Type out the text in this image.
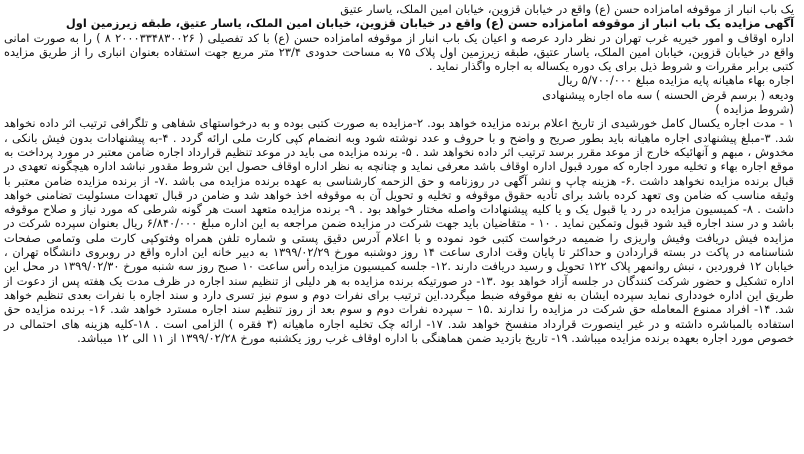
یک باب انبار از موقوفه امامزاده حسن (ع) واقع در خیابان قزوین، خیابان امین الملک، یاسار عتیق

آگهی مزایده یک باب انبار از موقوفه امامزاده حسن (ع) واقع در خیابان قزوین، خیابان امین الملک، یاسار عتیق، طبقه زیرزمین اول

اداره اوقاف و امور خیریه غرب تهران در نظر دارد عرصه و اعیان یک باب انبار از موقوفه امامزاده حسن (ع) با کد تفصیلی ( ۲۰۰۰۳۳۴۸۳۰۰۲۶ ۸ ) را به صورت امانی واقع در خیابان قزوین، خیابان امین الملک، یاسار عتیق، طبقه زیرزمین اول پلاک ۷۵ به مساحت حدودی ۲۳/۴ متر مربع جهت استفاده بعنوان انباری را از طریق مزایده کتبی برابر مقررات و شروط ذیل برای یک دوره یکساله به اجاره واگذار نماید .

اجاره بهاء ماهیانه پایه مزایده مبلغ ۵/۷۰۰/۰۰۰ ریال

ودیعه ( برسم قرض الحسنه ) سه ماه اجاره پیشنهادی

(شروط مزایده )

۱ - مدت اجاره یکسال کامل خورشیدی از تاریخ اعلام برنده مزایده خواهد بود. ۲-مزایده به صورت کتبی بوده و به درخواستهای شفاهی و تلگرافی ترتیب اثر داده نخواهد شد. ۳-مبلغ پیشنهادی اجاره ماهیانه باید بطور صریح و واضح و با حروف و عدد نوشته شود وبه انضمام کپی کارت ملی ارائه گردد . ۴-به پیشنهادات بدون فیش بانکی ، مخدوش ، مبهم و آنهائیکه خارج از موعد مقرر برسد ترتیب اثر داده نخواهد شد . ۵- برنده مزایده می باید در موعد تنظیم قرارداد اجاره ضامن معتبر در مورد پرداخت به موقع اجاره بهاء و تخلیه مورد اجاره که مورد قبول اداره اوقاف باشد معرفی نماید و چنانچه به نظر اداره اوقاف حصول این شروط مقدور نباشد اداره هیچگونه تعهدی در قبال برنده مزایده نخواهد داشت .۶- هزینه چاپ و نشر آگهی در روزنامه و حق الزحمه کارشناسی به عهده برنده مزایده می باشد .۷- از برنده مزایده ضامن معتبر با وثیقه مناسب که ضامن وی تعهد کرده باشد برای تأدیه حقوق موقوفه و تخلیه و تحویل آن به موقوفه اخذ خواهد شد و ضامن در قبال تعهدات مسئولیت تضامنی خواهد داشت . ۸- کمیسیون مزایده در رد یا قبول یک و یا کلیه پیشنهادات واصله مختار خواهد بود . ۹- برنده مزایده متعهد است هر گونه شرطی که مورد نیاز و صلاح موقوفه باشد و در سند اجاره قید شود قبول وتمکین نماید . ۱۰ - متقاضیان باید جهت شرکت در مزایده ضمن مراجعه به این اداره مبلغ ۶/۸۴۰/۰۰۰ ریال بعنوان سپرده شرکت در مزایده فیش دریافت وفیش واریزی را ضمیمه درخواست کتبی خود نموده و با اعلام آدرس دقیق پستی و شماره تلفن همراه وفتوکپی کارت ملی وتمامی صفحات شناسنامه در پاکت در بسته قراردادن و حداکثر تا پایان وقت اداری ساعت ۱۴ روز دوشنبه مورخ ۱۳۹۹/۰۲/۲۹ به دبیر خانه این اداره واقع در روبروی دانشگاه تهران ، خیابان ۱۲ فروردین ، نبش روانمهر پلاک ۱۲۲ تحویل و رسید دریافت دارند .۱۲- جلسه کمیسیون مزایده رأس ساعت ۱۰ صبح روز سه شنبه مورخ ۱۳۹۹/۰۲/۳۰ در محل این اداره تشکیل و حضور شرکت کنندگان در جلسه آزاد خواهد بود .۱۳- در صورتیکه برنده مزایده به هر دلیلی از تنظیم سند اجاره در ظرف مدت یک هفته پس از دعوت از طریق این اداره خودداری نماید سپرده ایشان به نفع موقوفه ضبط میگردد.این ترتیب برای نفرات دوم و سوم نیز تسری دارد و سند اجاره با نفرات بعدی تنظیم خواهد شد. ۱۴- افراد ممنوع المعامله حق شرکت در مزایده را ندارند .۱۵ – سپرده نفرات دوم و سوم بعد از روز تنظیم سند اجاره مسترد خواهد شد. ۱۶- برنده مزایده حق استفاده بالمباشره داشته و در غیر اینصورت قرارداد منفسخ خواهد شد. ۱۷- ارائه چک تخلیه اجاره ماهیانه (۳ فقره ) الزامی است . ۱۸-کلیه هزینه های احتمالی در خصوص مورد اجاره بعهده برنده مزایده میباشد. ۱۹- تاریخ بازدید ضمن هماهنگی با اداره اوقاف غرب روز یکشنبه مورخ ۱۳۹۹/۰۲/۲۸ از ۱۱ الی ۱۲ میباشد.
